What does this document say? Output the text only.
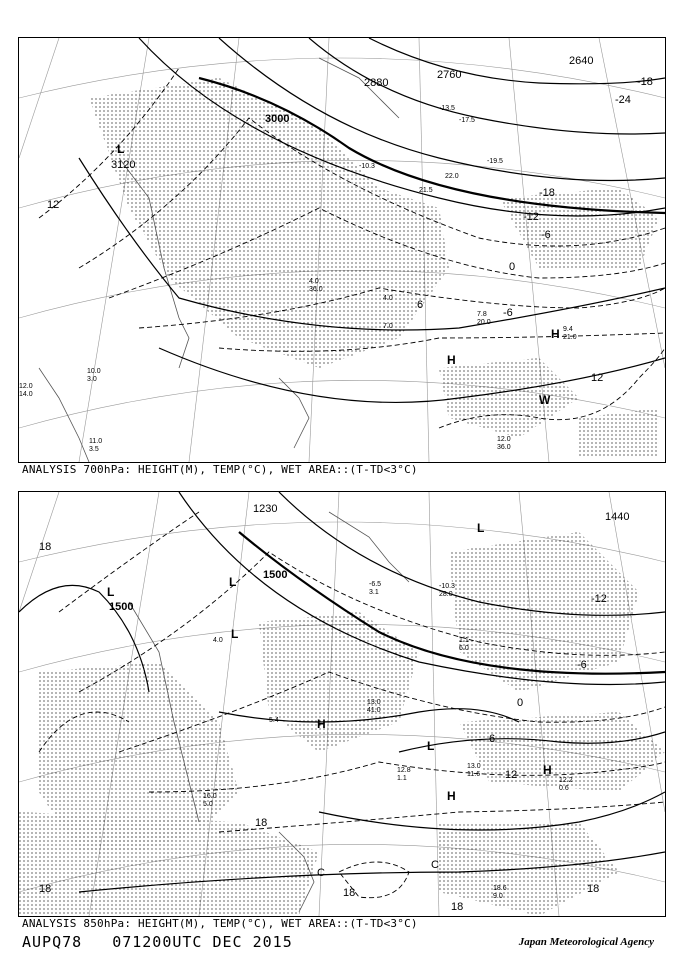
3000
3120
2760
2640
2880	-18
-24
-18
-12
-6
0
-6
6
12
12
L
H
H
W
9.4
21.0
12.0
36.0
7.8
20.0
4.0
7.0
10.0
3.0
11.0
3.5
12.0
14.0
4.0
36.0
-10.3
-13.5
-17.5
-19.5
22.0
21.5
ANALYSIS 700hPa: HEIGHT(M), TEMP(°C), WET AREA::(T-TD<3°C)
1500
1500
1230
1440
18
-12
-6
0
6
12
18
18
18
18
18
C
C
L
L
H
H
L
H
L
L
13.0
11.6
12.2
0.6
18.6
9.0
13.0
41.0
12.8
1.1
16.0
5.0
-10.3
28.0
-6.5
3.1
1.1
6.0
4.0
5.4
ANALYSIS 850hPa: HEIGHT(M), TEMP(°C), WET AREA::(T-TD<3°C)
AUPQ78 071200UTC DEC 2015	Japan Meteorological Agency
